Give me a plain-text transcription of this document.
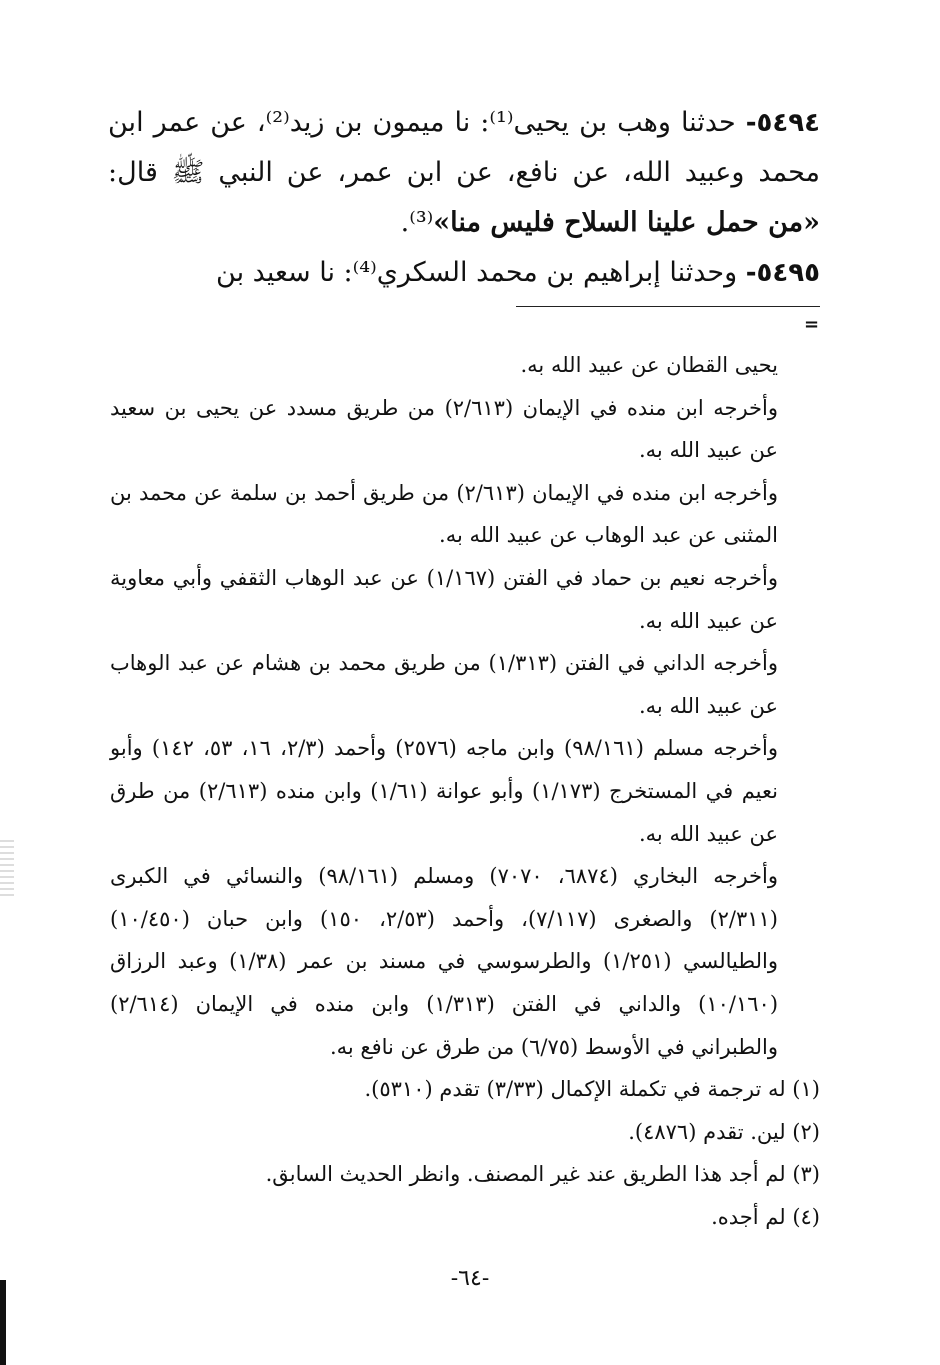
٥٤٩٤- حدثنا وهب بن يحيى⁽¹⁾: نا ميمون بن زيد⁽²⁾، عن عمر ابن محمد وعبيد الله، عن نافع، عن ابن عمر، عن النبي ﷺ قال: «من حمل علينا السلاح فليس منا»⁽³⁾.

٥٤٩٥- وحدثنا إبراهيم بن محمد السكري⁽⁴⁾: نا سعيد بن

=
يحيى القطان عن عبيد الله به.
وأخرجه ابن منده في الإيمان (٢/٦١٣) من طريق مسدد عن يحيى بن سعيد عن عبيد الله به.
وأخرجه ابن منده في الإيمان (٢/٦١٣) من طريق أحمد بن سلمة عن محمد بن المثنى عن عبد الوهاب عن عبيد الله به.
وأخرجه نعيم بن حماد في الفتن (١/١٦٧) عن عبد الوهاب الثقفي وأبي معاوية عن عبيد الله به.
وأخرجه الداني في الفتن (١/٣١٣) من طريق محمد بن هشام عن عبد الوهاب عن عبيد الله به.
وأخرجه مسلم (٩٨/١٦١) وابن ماجه (٢٥٧٦) وأحمد (٢/٣، ١٦، ٥٣، ١٤٢) وأبو نعيم في المستخرج (١/١٧٣) وأبو عوانة (١/٦١) وابن منده (٢/٦١٣) من طرق عن عبيد الله به.
وأخرجه البخاري (٦٨٧٤، ٧٠٧٠) ومسلم (٩٨/١٦١) والنسائي في الكبرى (٢/٣١١) والصغرى (٧/١١٧)، وأحمد (٢/٥٣، ١٥٠) وابن حبان (١٠/٤٥٠) والطيالسي (١/٢٥١) والطرسوسي في مسند بن عمر (١/٣٨) وعبد الرزاق (١٠/١٦٠) والداني في الفتن (١/٣١٣) وابن منده في الإيمان (٢/٦١٤) والطبراني في الأوسط (٦/٧٥) من طرق عن نافع به.
(١) له ترجمة في تكملة الإكمال (٣/٣٣) تقدم (٥٣١٠).
(٢) لين. تقدم (٤٨٧٦).
(٣) لم أجد هذا الطريق عند غير المصنف. وانظر الحديث السابق.
(٤) لم أجده.
-٦٤-
